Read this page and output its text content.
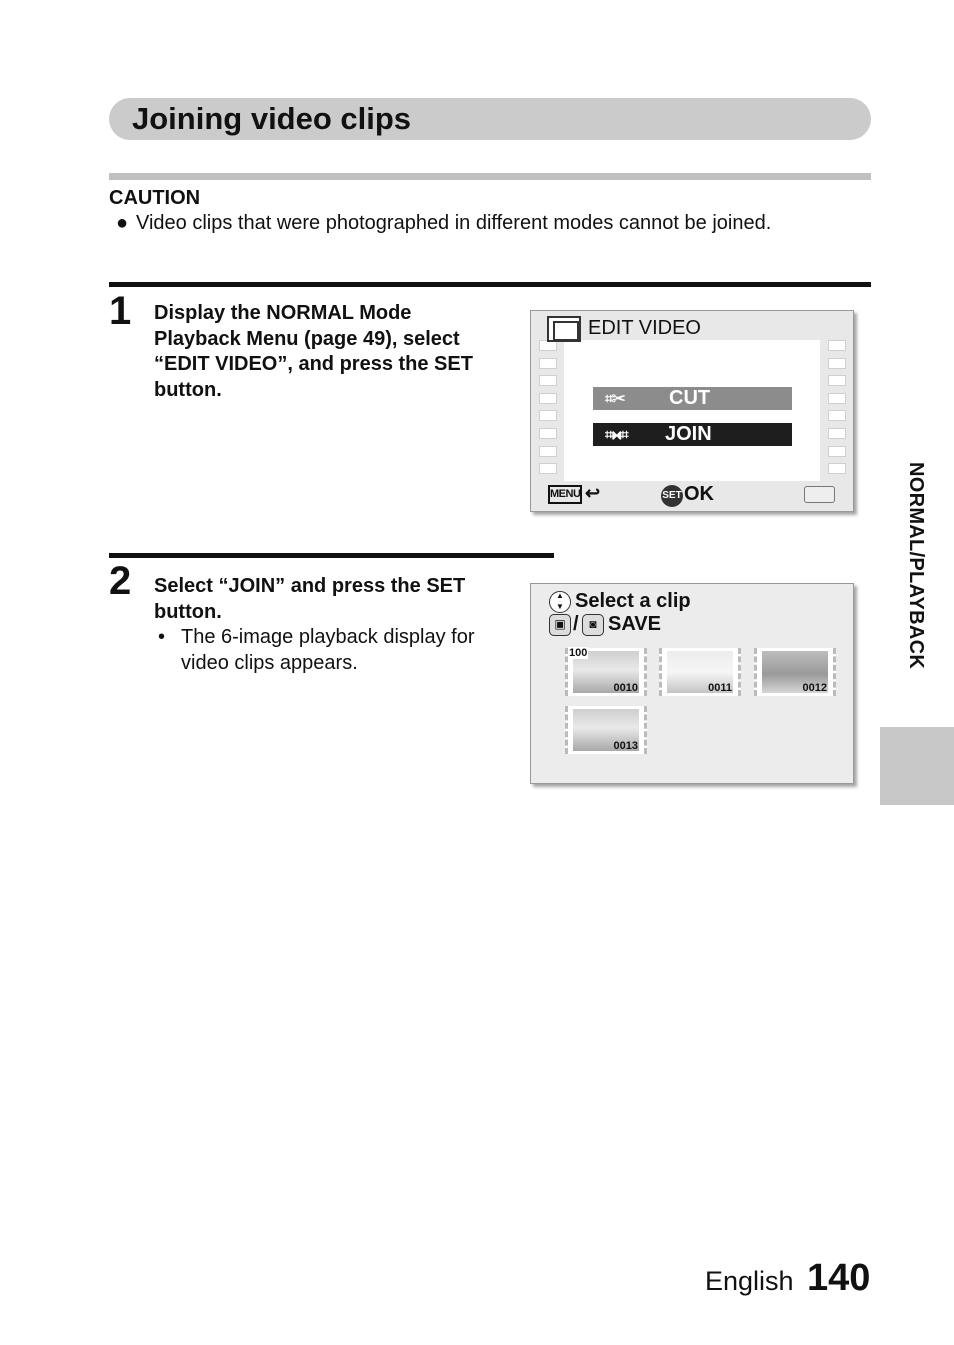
Joining video clips
CAUTION
● Video clips that were photographed in different modes cannot be joined.
1 Display the NORMAL Mode
Playback Menu (page 49), select
“EDIT VIDEO”, and press the SET
button.
EDIT VIDEO
⌗✂ CUT
⌗⧓⌗ JOIN
MENU ↩	SET OK
2 Select “JOIN” and press the SET
button.
• The 6-image playback display for
video clips appears.
▲ ▼
Select a clip
▣ / ◙ SAVE
100
0010	0011	0012
0013
NORMAL/PLAYBACK
English 140
